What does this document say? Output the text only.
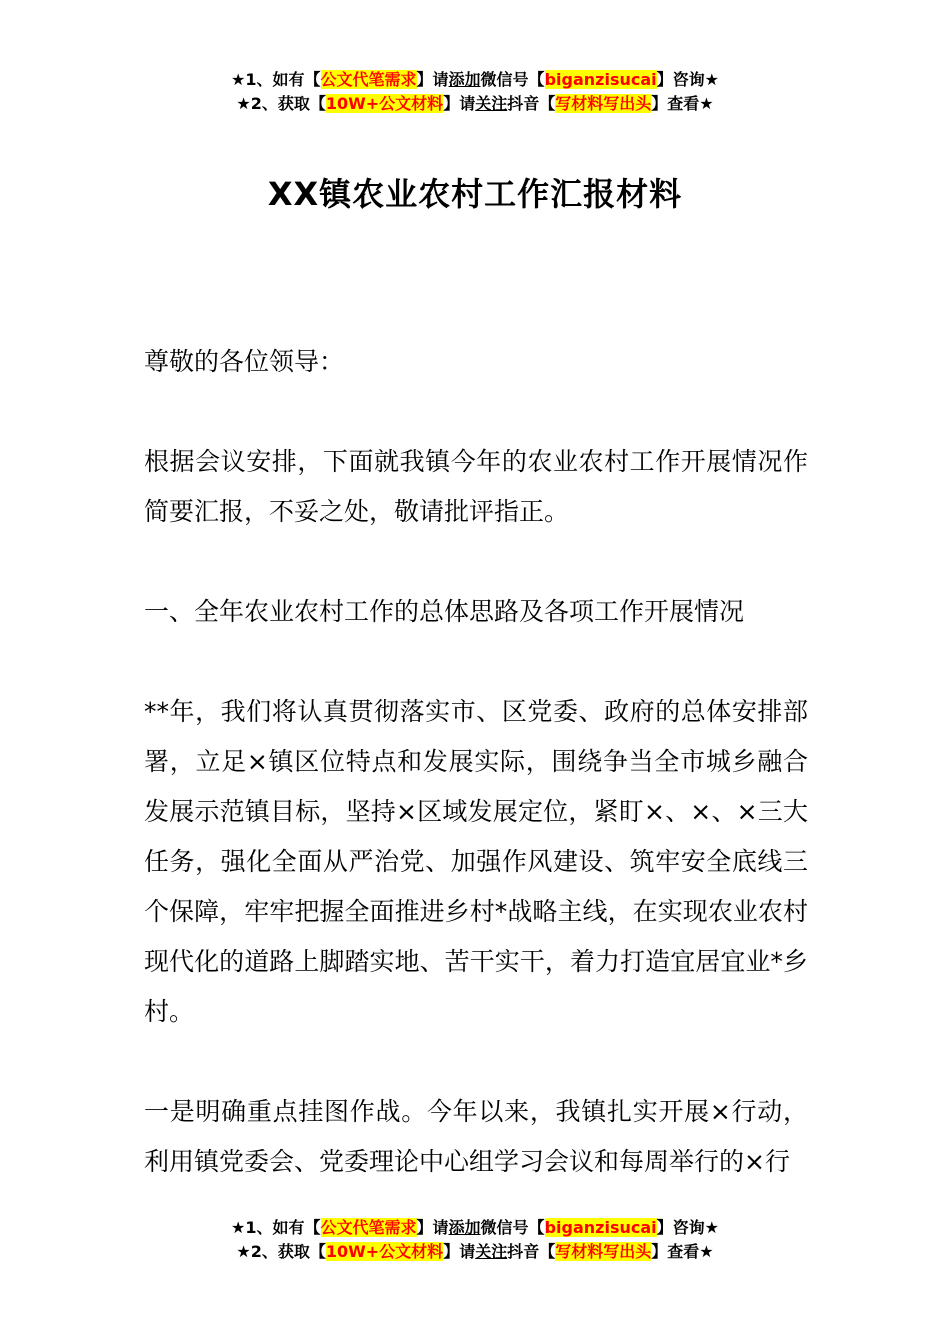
★1、如有【公文代笔需求】请添加微信号【biganzisucai】咨询★
★2、获取【10W+公文材料】请关注抖音【写材料写出头】查看★
XX镇农业农村工作汇报材料

尊敬的各位领导：

根据会议安排，下面就我镇今年的农业农村工作开展情况作简要汇报，不妥之处，敬请批评指正。

一、全年农业农村工作的总体思路及各项工作开展情况

**年，我们将认真贯彻落实市、区党委、政府的总体安排部署，立足×镇区位特点和发展实际，围绕争当全市城乡融合发展示范镇目标，坚持×区域发展定位，紧盯×、×、×三大任务，强化全面从严治党、加强作风建设、筑牢安全底线三个保障，牢牢把握全面推进乡村*战略主线，在实现农业农村现代化的道路上脚踏实地、苦干实干，着力打造宜居宜业*乡村。

一是明确重点挂图作战。今年以来，我镇扎实开展×行动，利用镇党委会、党委理论中心组学习会议和每周举行的×行

★1、如有【公文代笔需求】请添加微信号【biganzisucai】咨询★
★2、获取【10W+公文材料】请关注抖音【写材料写出头】查看★
